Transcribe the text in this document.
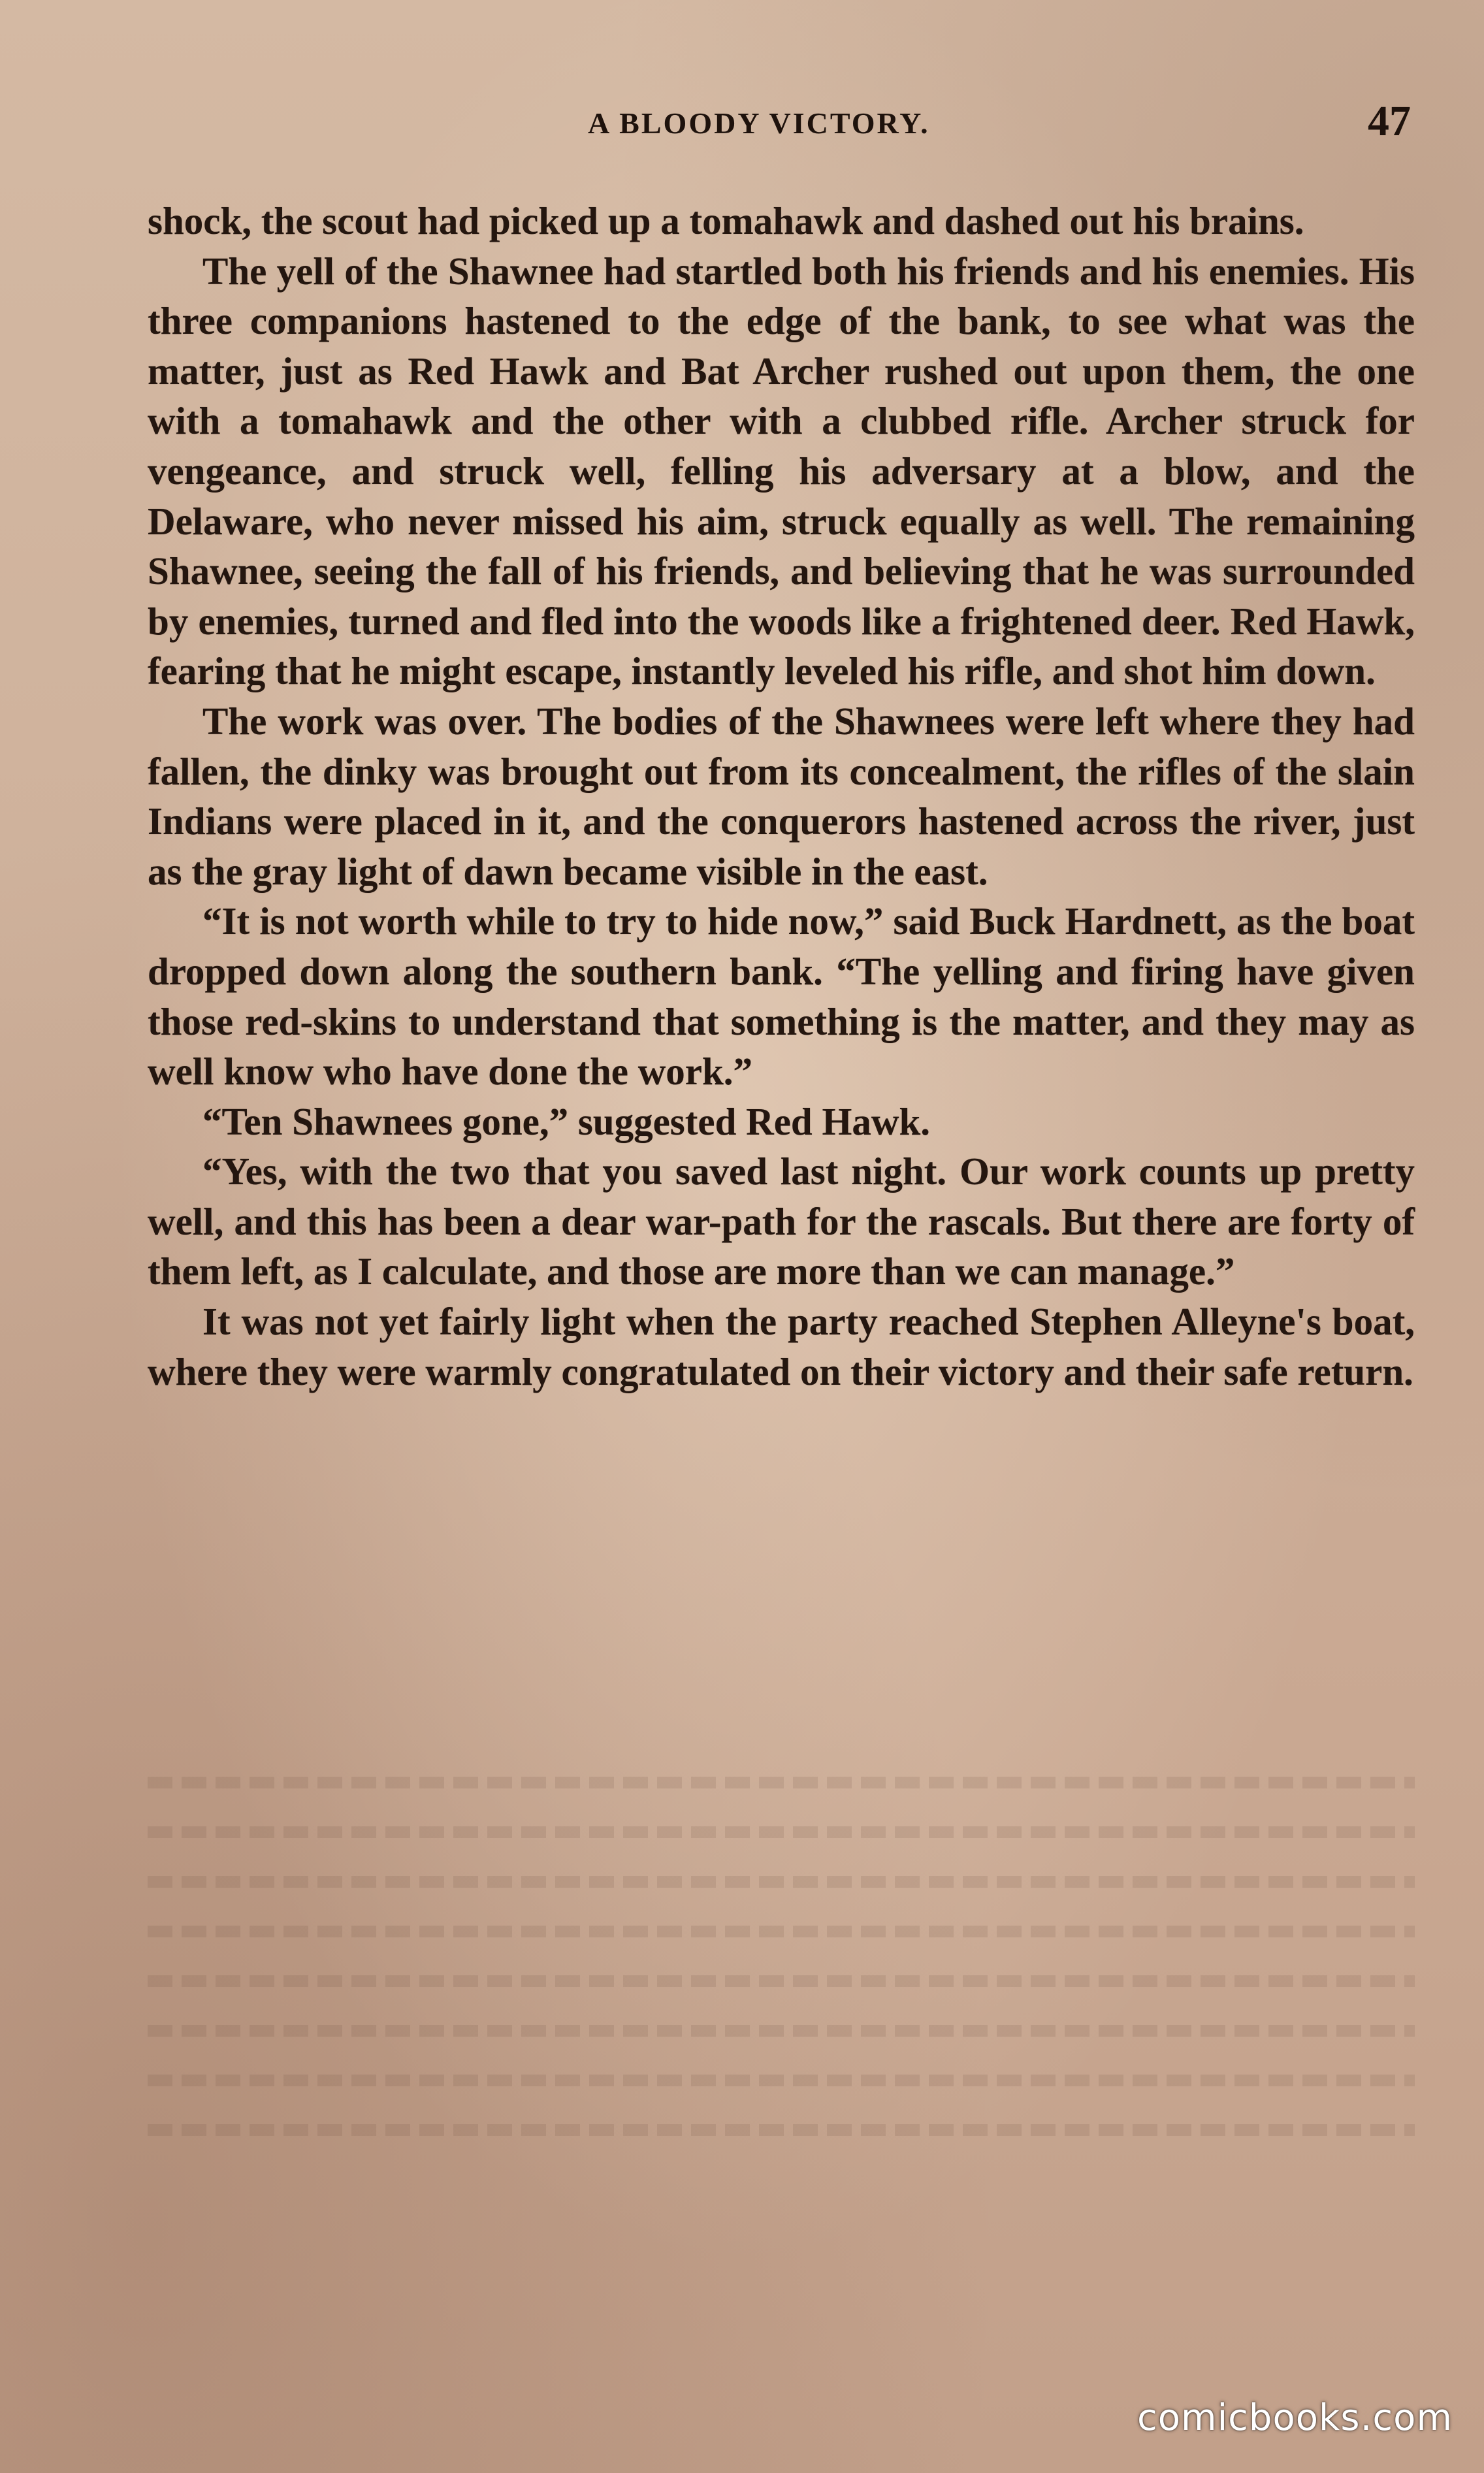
A BLOODY VICTORY.	47

shock, the scout had picked up a tomahawk and dashed out his brains.

The yell of the Shawnee had startled both his friends and his enemies. His three companions hastened to the edge of the bank, to see what was the matter, just as Red Hawk and Bat Archer rushed out upon them, the one with a tomahawk and the other with a clubbed rifle. Archer struck for vengeance, and struck well, felling his adversary at a blow, and the Delaware, who never missed his aim, struck equally as well. The remaining Shawnee, seeing the fall of his friends, and believing that he was surrounded by enemies, turned and fled into the woods like a frightened deer. Red Hawk, fearing that he might escape, instantly leveled his rifle, and shot him down.

The work was over. The bodies of the Shawnees were left where they had fallen, the dinky was brought out from its concealment, the rifles of the slain Indians were placed in it, and the conquerors hastened across the river, just as the gray light of dawn became visible in the east.

“It is not worth while to try to hide now,” said Buck Hardnett, as the boat dropped down along the southern bank. “The yelling and firing have given those red-skins to understand that something is the matter, and they may as well know who have done the work.”

“Ten Shawnees gone,” suggested Red Hawk.

“Yes, with the two that you saved last night. Our work counts up pretty well, and this has been a dear war-path for the rascals. But there are forty of them left, as I calculate, and those are more than we can manage.”

It was not yet fairly light when the party reached Stephen Alleyne's boat, where they were warmly congratulated on their victory and their safe return.

comicbooks.com
